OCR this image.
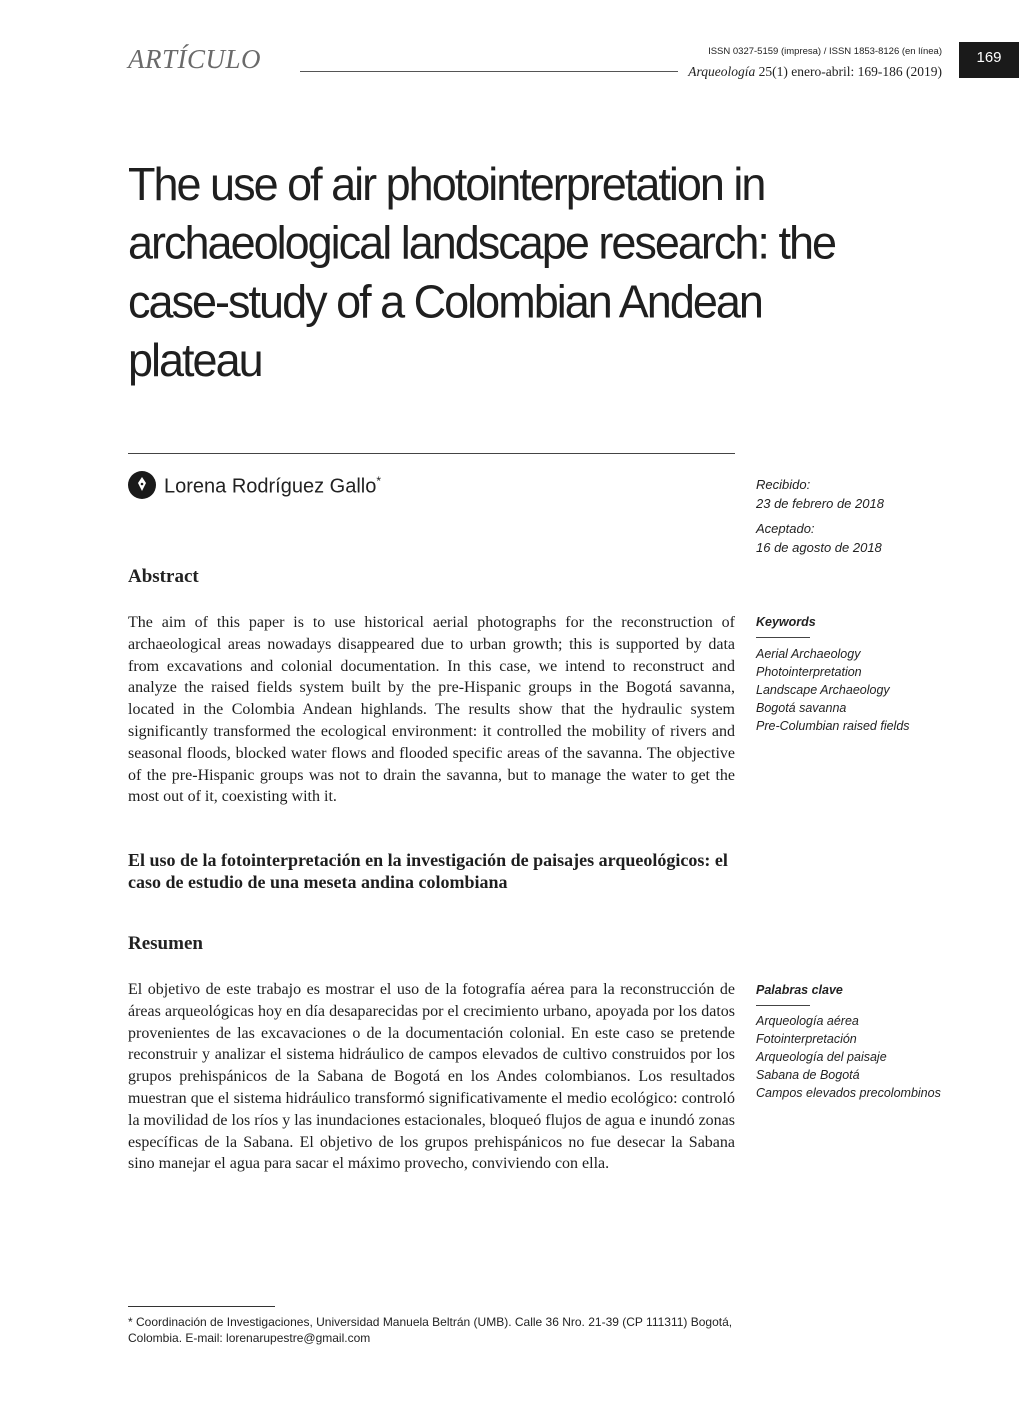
ARTÍCULO	ISSN 0327-5159 (impresa) / ISSN 1853-8126 (en línea)
Arqueología 25(1) enero-abril: 169-186 (2019)
169
The use of air photointerpretation in archaeological landscape research: the case-study of a Colombian Andean plateau
Lorena Rodríguez Gallo*	Recibido:
23 de febrero de 2018
Aceptado:
16 de agosto de 2018
Abstract
The aim of this paper is to use historical aerial photographs for the reconstruction of archaeological areas nowadays disappeared due to urban growth; this is supported by data from excavations and colonial documentation. In this case, we intend to reconstruct and analyze the raised fields system built by the pre-Hispanic groups in the Bogotá savanna, located in the Colombia Andean highlands. The results show that the hydraulic system significantly transformed the ecological environment: it controlled the mobility of rivers and seasonal floods, blocked water flows and flooded specific areas of the savanna. The objective of the pre-Hispanic groups was not to drain the savanna, but to manage the water to get the most out of it, coexisting with it.
Keywords
Aerial Archaeology
Photointerpretation
Landscape Archaeology
Bogotá savanna
Pre-Columbian raised fields
El uso de la fotointerpretación en la investigación de paisajes arqueológicos: el caso de estudio de una meseta andina colombiana
Resumen
El objetivo de este trabajo es mostrar el uso de la fotografía aérea para la reconstrucción de áreas arqueológicas hoy en día desaparecidas por el crecimiento urbano, apoyada por los datos provenientes de las excavaciones o de la documentación colonial. En este caso se pretende reconstruir y analizar el sistema hidráulico de campos elevados de cultivo construidos por los grupos prehispánicos de la Sabana de Bogotá en los Andes colombianos. Los resultados muestran que el sistema hidráulico transformó significativamente el medio ecológico: controló la movilidad de los ríos y las inundaciones estacionales, bloqueó flujos de agua e inundó zonas específicas de la Sabana. El objetivo de los grupos prehispánicos no fue desecar la Sabana sino manejar el agua para sacar el máximo provecho, conviviendo con ella.
Palabras clave
Arqueología aérea
Fotointerpretación
Arqueología del paisaje
Sabana de Bogotá
Campos elevados precolombinos
* Coordinación de Investigaciones, Universidad Manuela Beltrán (UMB). Calle 36 Nro. 21-39 (CP 111311) Bogotá, Colombia. E-mail: lorenarupestre@gmail.com
